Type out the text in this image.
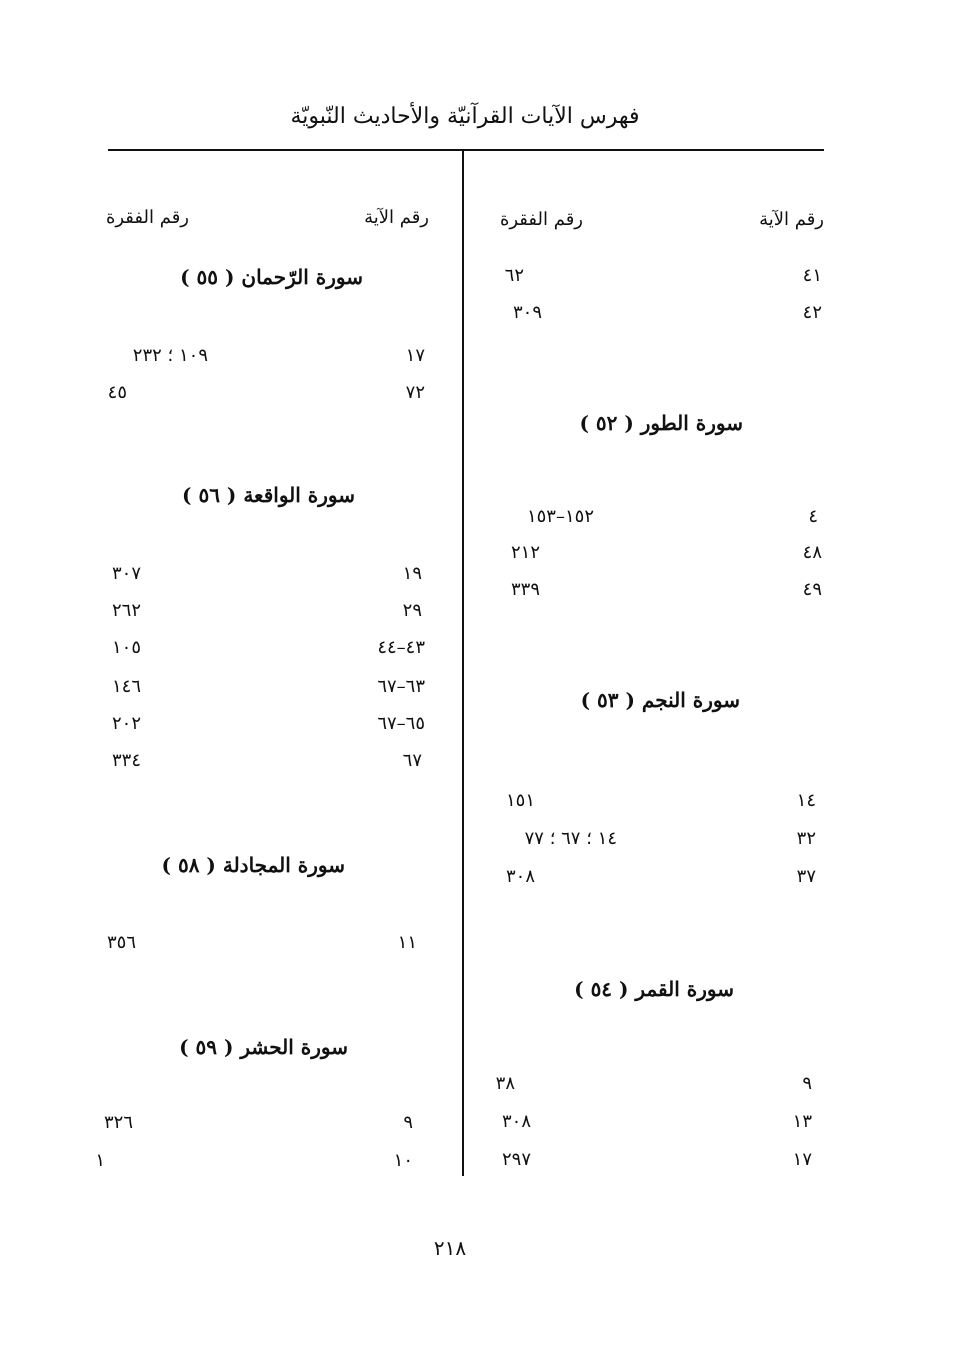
فهرس الآيات القرآنيّة والأحاديث النّبويّة
رقم الآية
رقم الفقرة
٤١
٦٢
٤٢
٣٠٩
سورة الطور ( ٥٢ )
٤
١٥٢–١٥٣
٤٨
٢١٢
٤٩
٣٣٩
سورة النجم ( ٥٣ )
١٤
١٥١
٣٢
١٤ ؛ ٦٧ ؛ ٧٧
٣٧
٣٠٨
سورة القمر ( ٥٤ )
٩
٣٨
١٣
٣٠٨
١٧
٢٩٧
رقم الآية
رقم الفقرة
سورة الرّحمان ( ٥٥ )
١٧
١٠٩ ؛ ٢٣٢
٧٢
٤٥
سورة الواقعة ( ٥٦ )
١٩
٣٠٧
٢٩
٢٦٢
٤٣–٤٤
١٠٥
٦٣–٦٧
١٤٦
٦٥–٦٧
٢٠٢
٦٧
٣٣٤
سورة المجادلة ( ٥٨ )
١١
٣٥٦
سورة الحشر ( ٥٩ )
٩
٣٢٦
١٠
١
٢١٨
